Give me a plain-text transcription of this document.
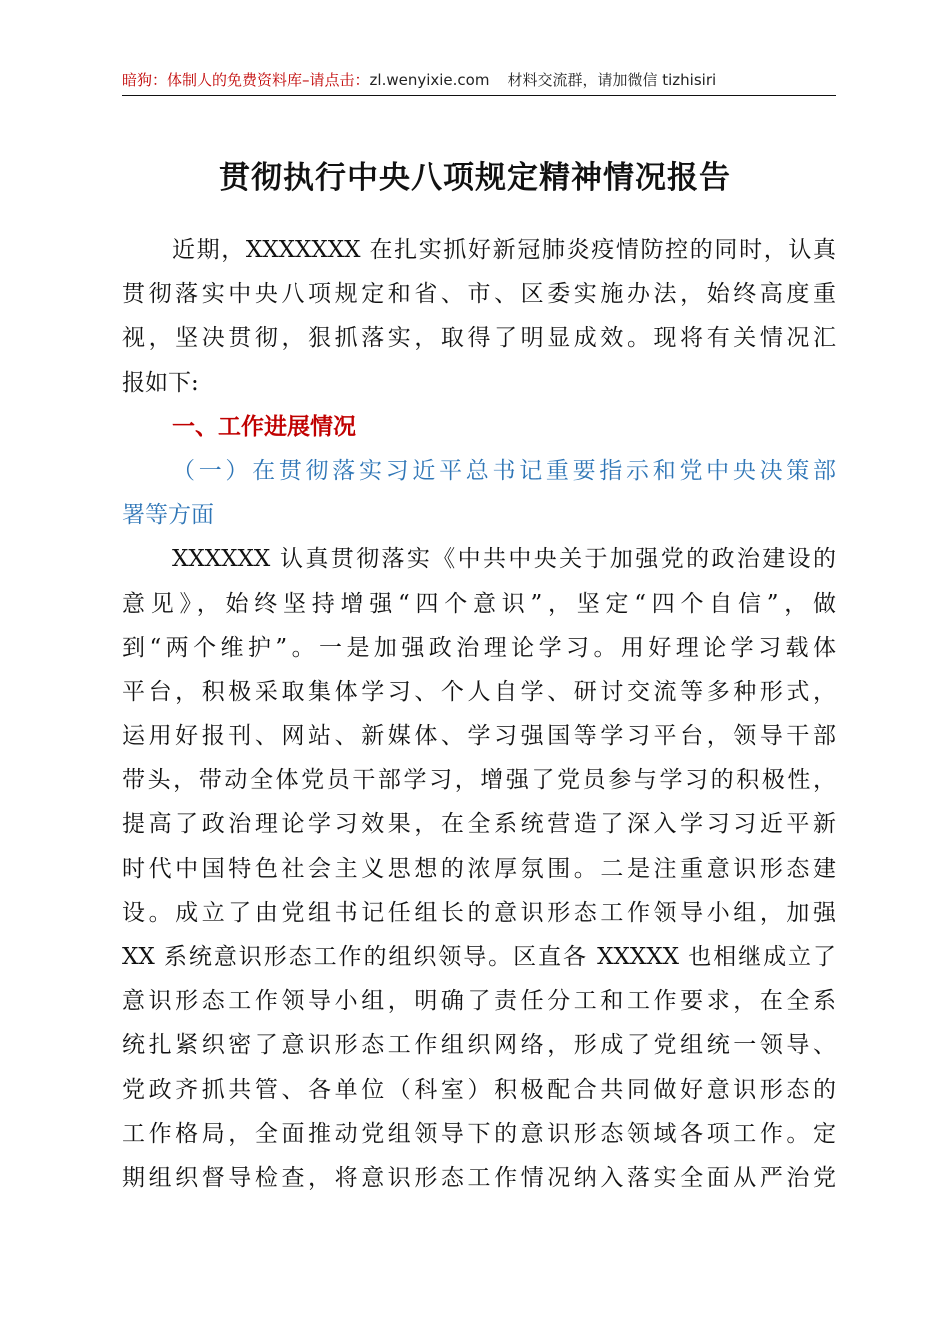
暗狗：体制人的免费资料库–请点击：zl.wenyixie.com 材料交流群，请加微信 tizhisiri
贯彻执行中央八项规定精神情况报告
近期，XXXXXXX 在扎实抓好新冠肺炎疫情防控的同时，认真
贯彻落实中央八项规定和省、市、区委实施办法，始终高度重
视，坚决贯彻，狠抓落实，取得了明显成效。现将有关情况汇
报如下:
一、工作进展情况
（一）在贯彻落实习近平总书记重要指示和党中央决策部
署等方面
XXXXXX 认真贯彻落实《中共中央关于加强党的政治建设的
意见》，始终坚持增强“四个意识”，坚定“四个自信”，做
到“两个维护”。一是加强政治理论学习。用好理论学习载体
平台，积极采取集体学习、个人自学、研讨交流等多种形式，
运用好报刊、网站、新媒体、学习强国等学习平台，领导干部
带头，带动全体党员干部学习，增强了党员参与学习的积极性，
提高了政治理论学习效果，在全系统营造了深入学习习近平新
时代中国特色社会主义思想的浓厚氛围。二是注重意识形态建
设。成立了由党组书记任组长的意识形态工作领导小组，加强
XX 系统意识形态工作的组织领导。区直各 XXXXX 也相继成立了
意识形态工作领导小组，明确了责任分工和工作要求，在全系
统扎紧织密了意识形态工作组织网络，形成了党组统一领导、
党政齐抓共管、各单位（科室）积极配合共同做好意识形态的
工作格局，全面推动党组领导下的意识形态领域各项工作。定
期组织督导检查，将意识形态工作情况纳入落实全面从严治党
